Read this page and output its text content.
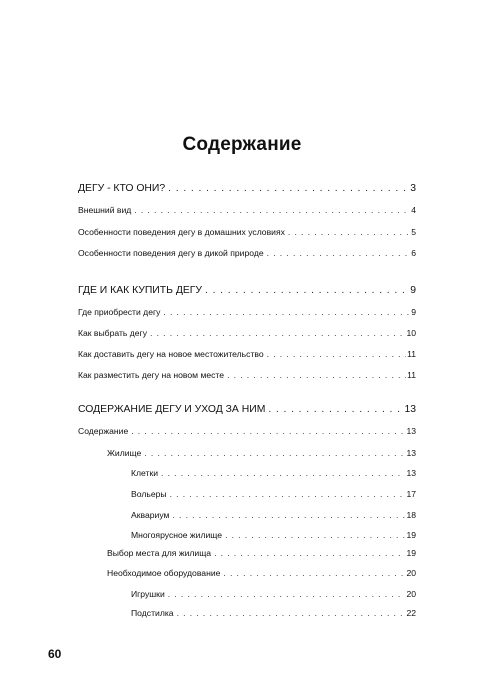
Содержание
ДЕГУ - КТО ОНИ? . . .	3
Внешний вид . . .	4
Особенности поведения дегу в домашних условиях . . .	5
Особенности поведения дегу в дикой природе . . .	6
ГДЕ И КАК КУПИТЬ ДЕГУ . . .	9
Где приобрести дегу . . .	9
Как выбрать дегу . . .	10
Как доставить дегу на новое местожительство . . .	11
Как разместить дегу на новом месте . . .	11
СОДЕРЖАНИЕ ДЕГУ И УХОД ЗА НИМ . . .	13
Содержание . . .	13
Жилище . . .	13
Клетки . . .	13
Вольеры . . .	17
Аквариум . . .	18
Многоярусное жилище . . .	19
Выбор места для жилища . . .	19
Необходимое оборудование . . .	20
Игрушки . . .	20
Подстилка . . .	22
60
